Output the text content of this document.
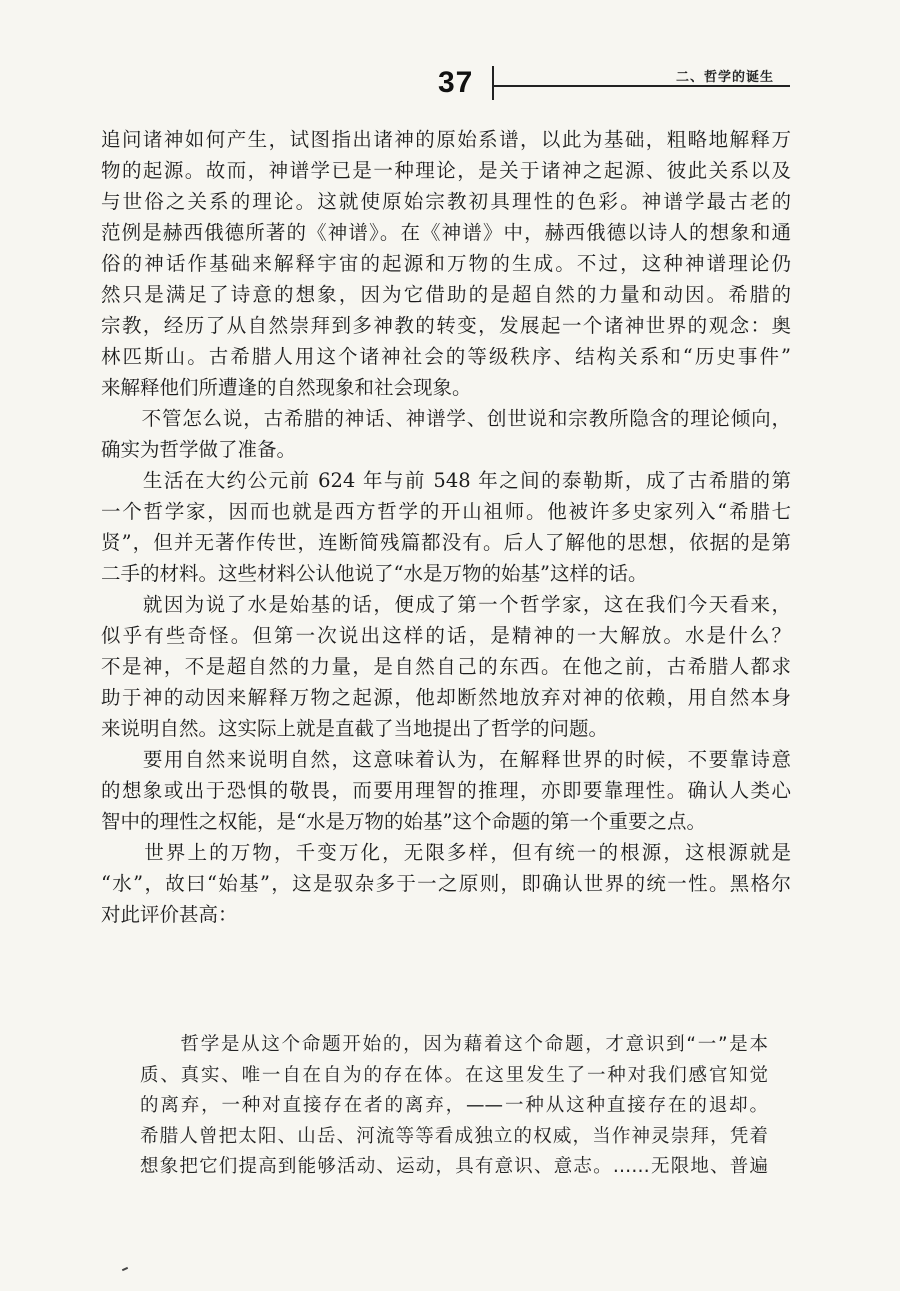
37	二、哲学的诞生
追问诸神如何产生，试图指出诸神的原始系谱，以此为基础，粗略地解释万
物的起源。故而，神谱学已是一种理论，是关于诸神之起源、彼此关系以及
与世俗之关系的理论。这就使原始宗教初具理性的色彩。神谱学最古老的
范例是赫西俄德所著的《神谱》。在《神谱》中，赫西俄德以诗人的想象和通
俗的神话作基础来解释宇宙的起源和万物的生成。不过，这种神谱理论仍
然只是满足了诗意的想象，因为它借助的是超自然的力量和动因。希腊的
宗教，经历了从自然崇拜到多神教的转变，发展起一个诸神世界的观念：奥
林匹斯山。古希腊人用这个诸神社会的等级秩序、结构关系和“历史事件”
来解释他们所遭逢的自然现象和社会现象。
　　不管怎么说，古希腊的神话、神谱学、创世说和宗教所隐含的理论倾向，
确实为哲学做了准备。
　　生活在大约公元前 624 年与前 548 年之间的泰勒斯，成了古希腊的第
一个哲学家，因而也就是西方哲学的开山祖师。他被许多史家列入“希腊七
贤”，但并无著作传世，连断简残篇都没有。后人了解他的思想，依据的是第
二手的材料。这些材料公认他说了“水是万物的始基”这样的话。
　　就因为说了水是始基的话，便成了第一个哲学家，这在我们今天看来，
似乎有些奇怪。但第一次说出这样的话，是精神的一大解放。水是什么？
不是神，不是超自然的力量，是自然自己的东西。在他之前，古希腊人都求
助于神的动因来解释万物之起源，他却断然地放弃对神的依赖，用自然本身
来说明自然。这实际上就是直截了当地提出了哲学的问题。
　　要用自然来说明自然，这意味着认为，在解释世界的时候，不要靠诗意
的想象或出于恐惧的敬畏，而要用理智的推理，亦即要靠理性。确认人类心
智中的理性之权能，是“水是万物的始基”这个命题的第一个重要之点。
　　世界上的万物，千变万化，无限多样，但有统一的根源，这根源就是
“水”，故曰“始基”，这是驭杂多于一之原则，即确认世界的统一性。黑格尔
对此评价甚高：
　　哲学是从这个命题开始的，因为藉着这个命题，才意识到“一”是本
质、真实、唯一自在自为的存在体。在这里发生了一种对我们感官知觉
的离弃，一种对直接存在者的离弃，——一种从这种直接存在的退却。
希腊人曾把太阳、山岳、河流等等看成独立的权威，当作神灵崇拜，凭着
想象把它们提高到能够活动、运动，具有意识、意志。……无限地、普遍
